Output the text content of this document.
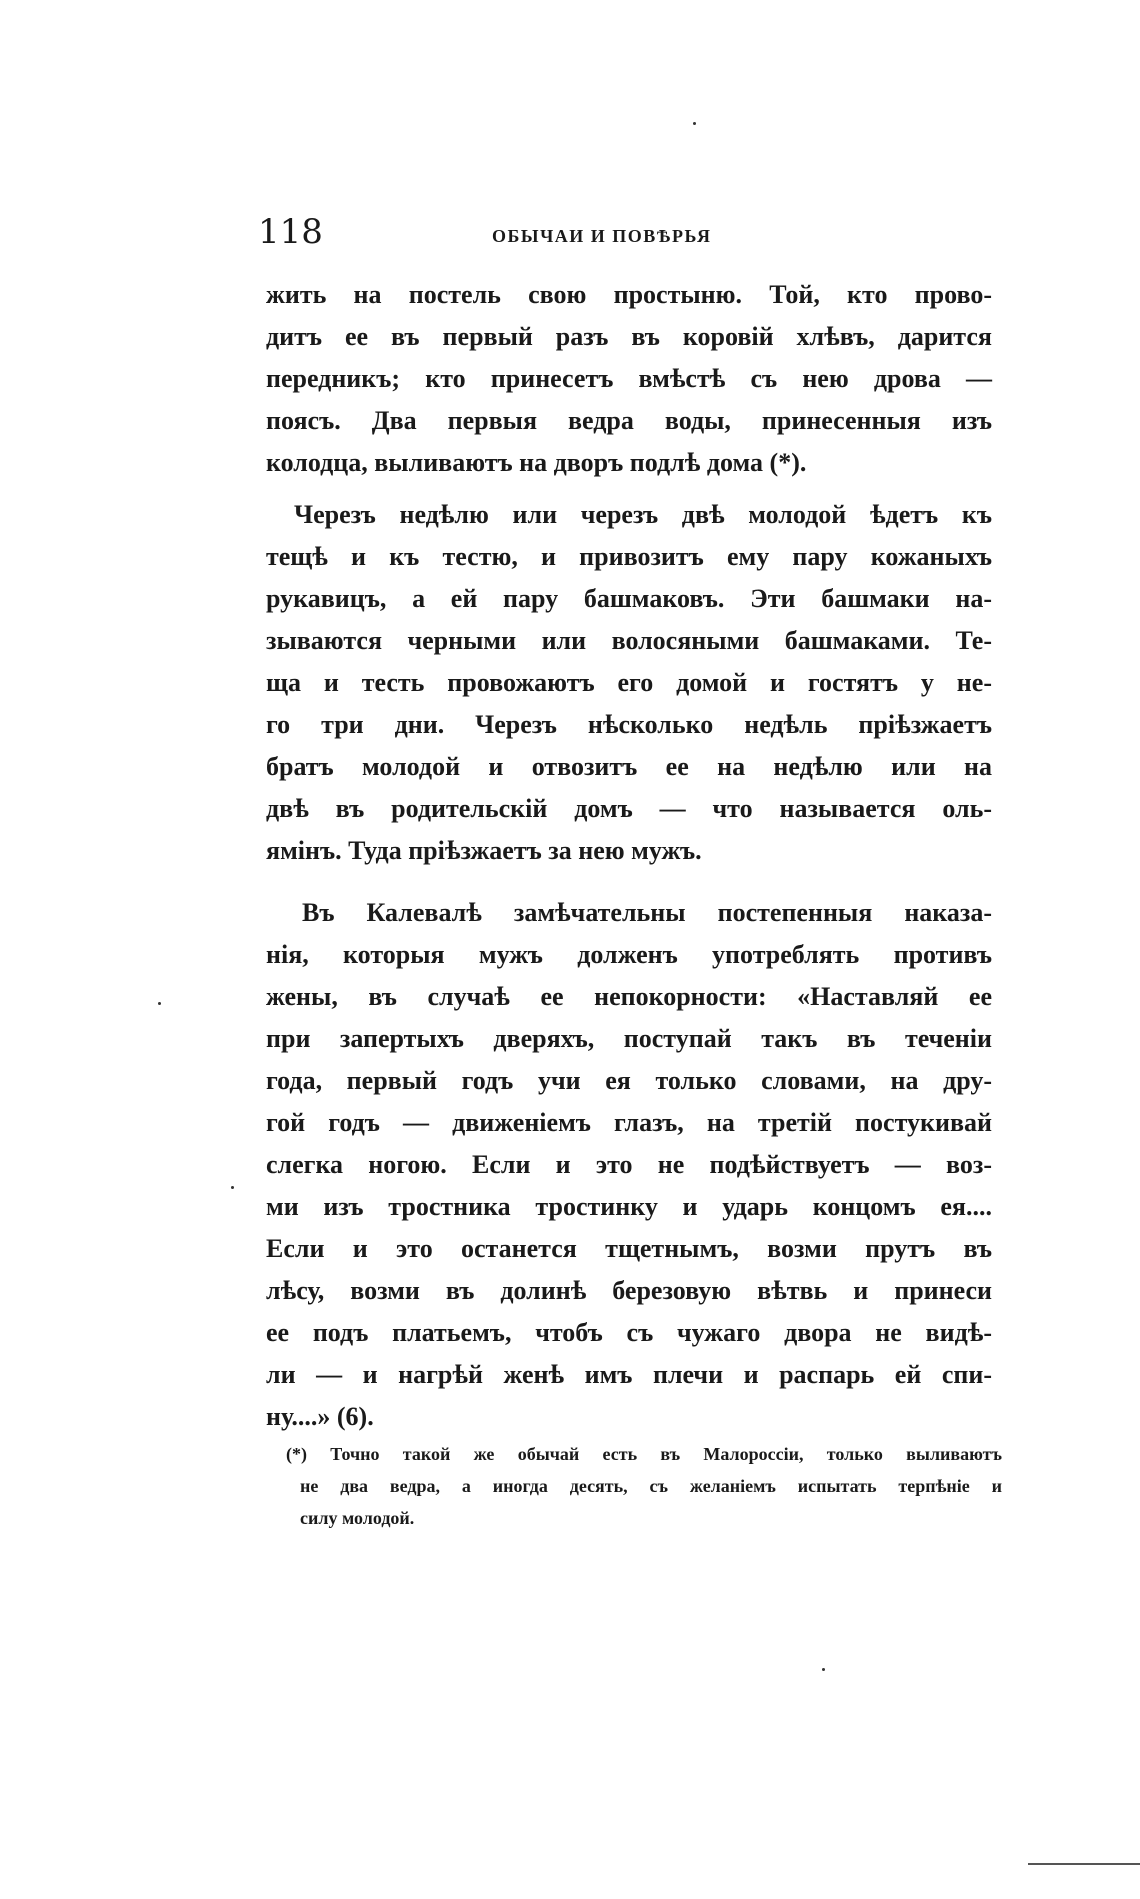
118	ОБЫЧАИ И ПОВѢРЬЯ
жить на постель свою простыню. Той, кто прово-
дитъ ее въ первый разъ въ коровій хлѣвъ, дарится
передникъ; кто принесетъ вмѣстѣ съ нею дрова —
поясъ. Два первыя ведра воды, принесенныя изъ
колодца, выливаютъ на дворъ подлѣ дома (*).
Черезъ недѣлю или черезъ двѣ молодой ѣдетъ къ
тещѣ и къ тестю, и привозитъ ему пару кожаныхъ
рукавицъ, а ей пару башмаковъ. Эти башмаки на-
зываются черными или волосяными башмаками. Те-
ща и тесть провожаютъ его домой и гостятъ у не-
го три дни. Черезъ нѣсколько недѣль пріѣзжаетъ
братъ молодой и отвозитъ ее на недѣлю или на
двѣ въ родительскій домъ — что называется оль-
ямінъ. Туда пріѣзжаетъ за нею мужъ.
Въ Калевалѣ замѣчательны постепенныя наказа-
нія, которыя мужъ долженъ употреблять противъ
жены, въ случаѣ ее непокорности: «Наставляй ее
при запертыхъ дверяхъ, поступай такъ въ теченіи
года, первый годъ учи ея только словами, на дру-
гой годъ — движеніемъ глазъ, на третій постукивай
слегка ногою. Если и это не подѣйствуетъ — воз-
ми изъ тростника тростинку и ударь концомъ ея....
Если и это останется тщетнымъ, возми прутъ въ
лѣсу, возми въ долинѣ березовую вѣтвь и принеси
ее подъ платьемъ, чтобъ съ чужаго двора не видѣ-
ли — и нагрѣй женѣ имъ плечи и распарь ей спи-
ну....» (6).
(*) Точно такой же обычай есть въ Малороссіи, только выливаютъ
не два ведра, а иногда десять, съ желаніемъ испытать терпѣніе и
силу молодой.
